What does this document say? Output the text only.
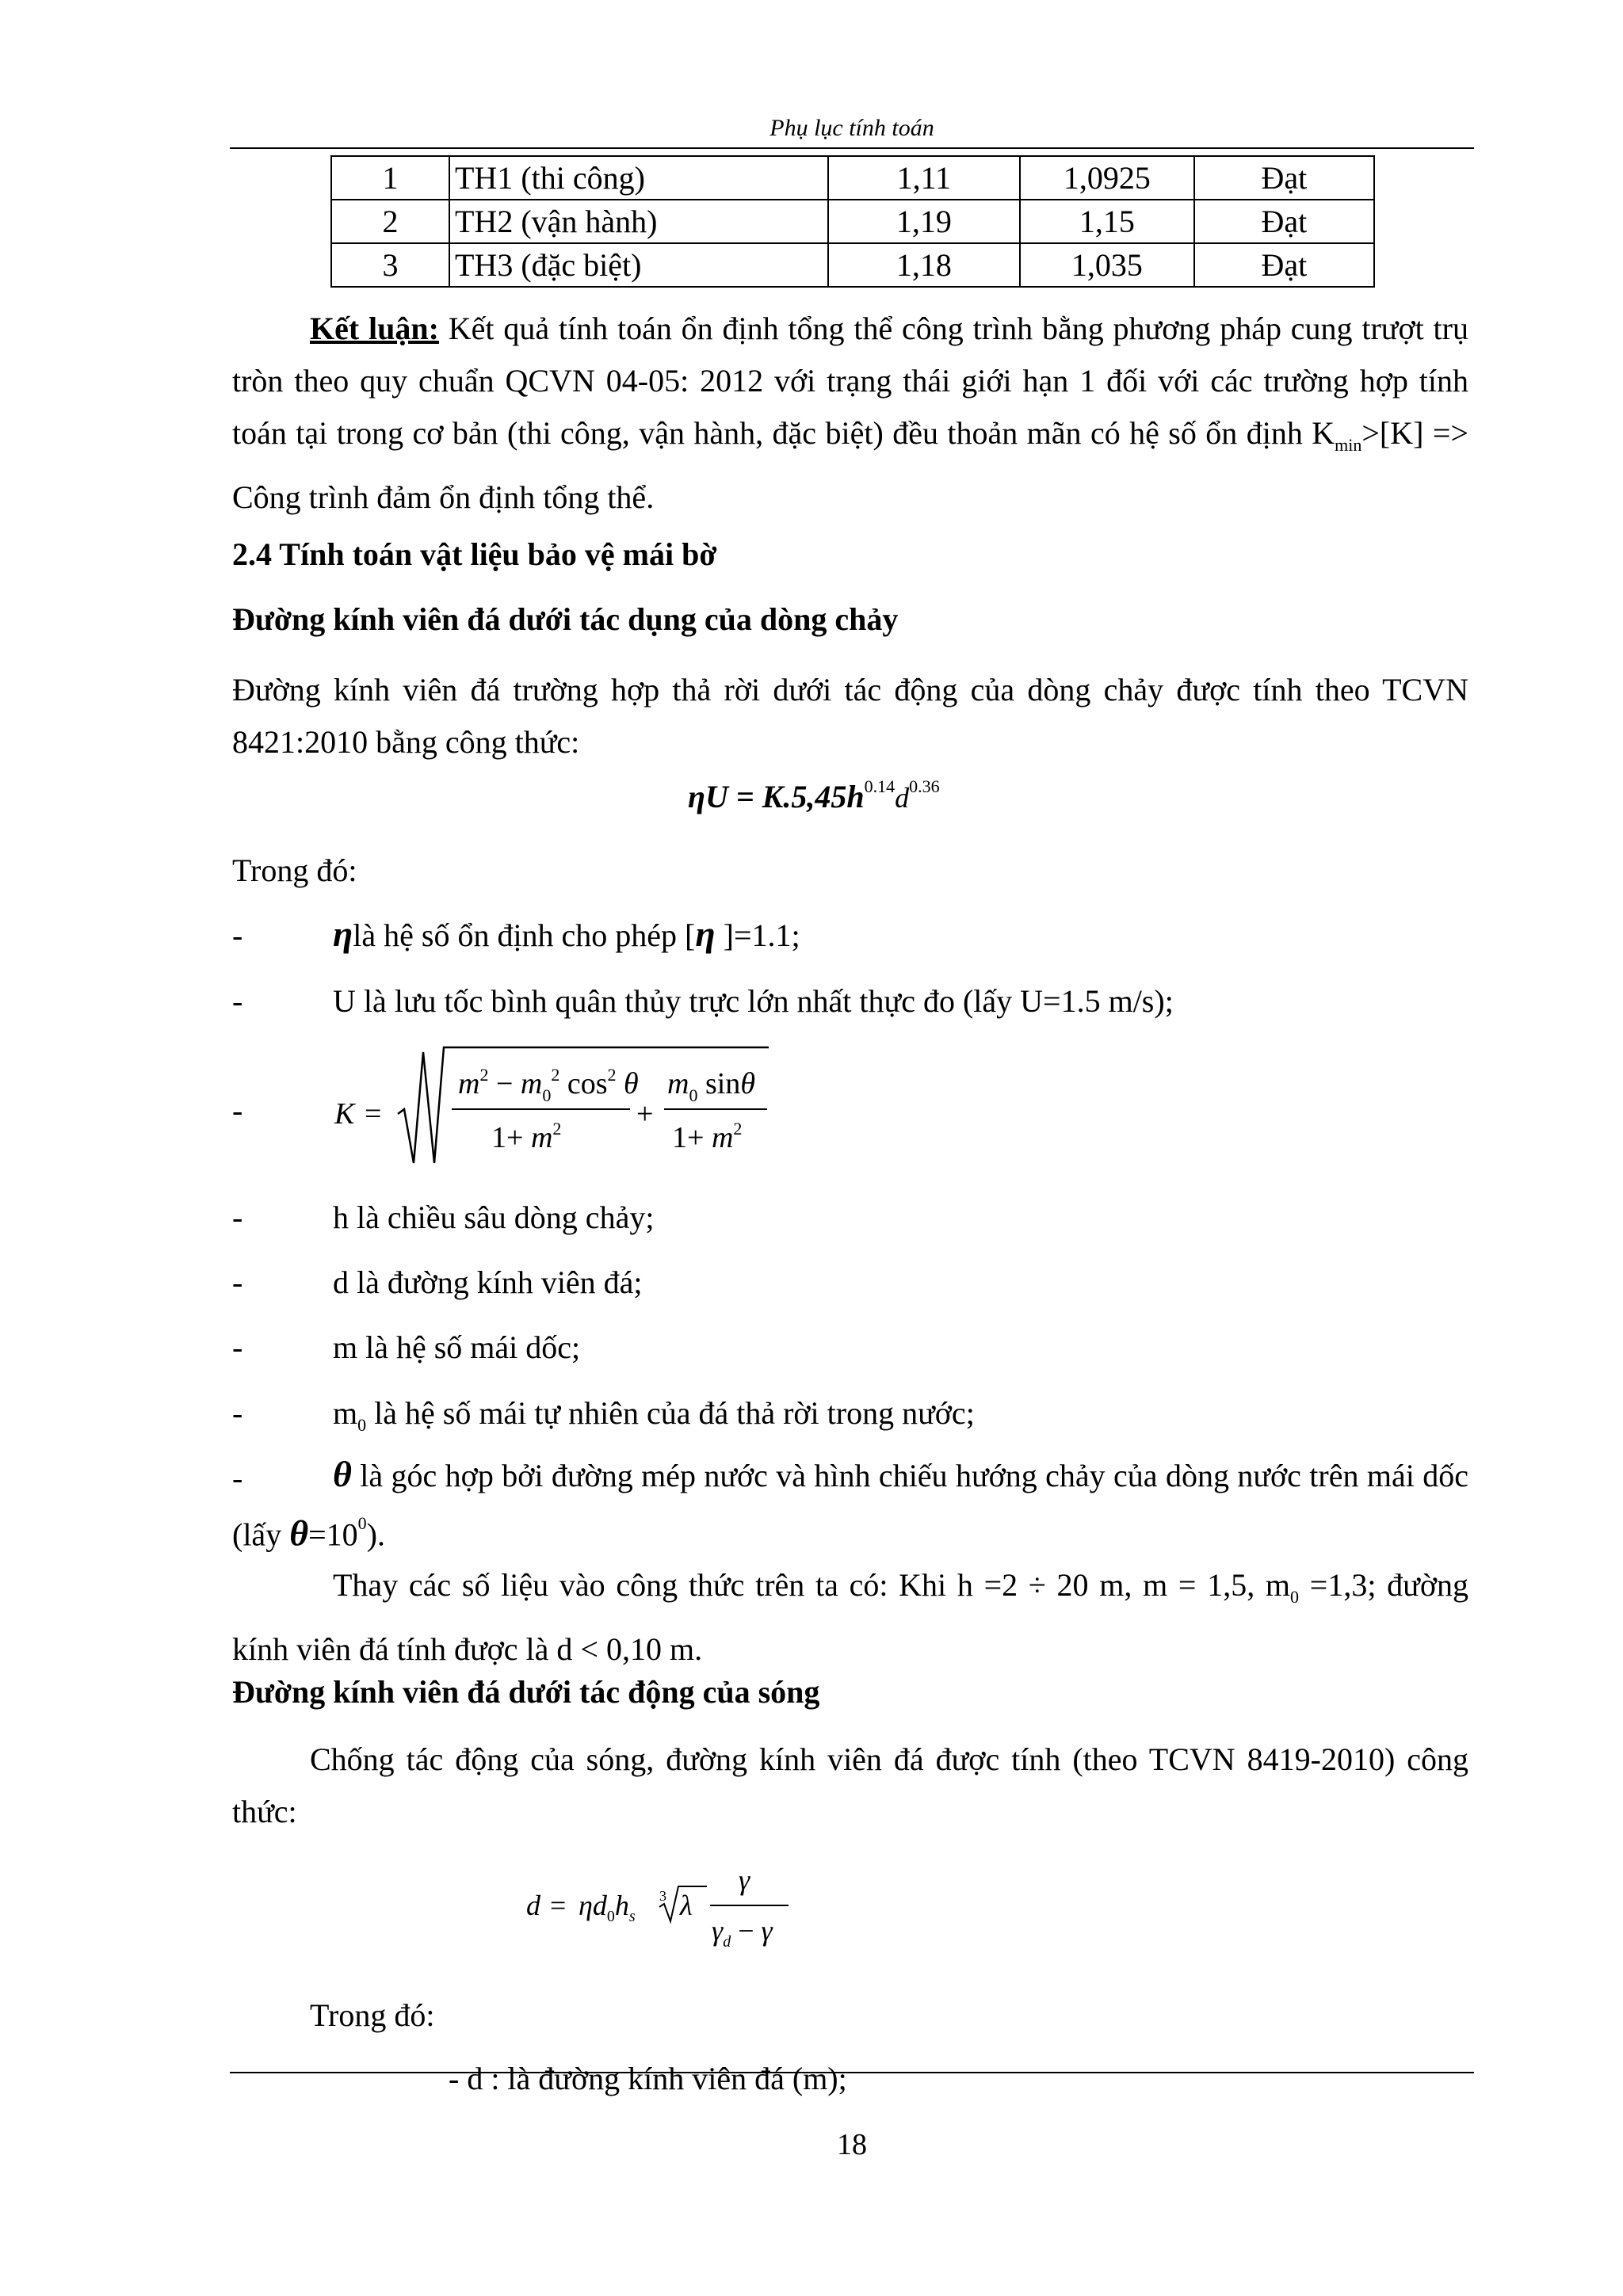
Phụ lục tính toán
1	TH1 (thi công)	1,11	1,0925	Đạt
2	TH2 (vận hành)	1,19	1,15	Đạt
3	TH3 (đặc biệt)	1,18	1,035	Đạt
Kết luận: Kết quả tính toán ổn định tổng thể công trình bằng phương pháp cung trượt trụ tròn theo quy chuẩn QCVN 04-05: 2012 với trạng thái giới hạn 1 đối với các trường hợp tính toán tại trong cơ bản (thi công, vận hành, đặc biệt) đều thoản mãn có hệ số ổn định $K_{min}>[K]$ => Công trình đảm ổn định tổng thể.
2.4 Tính toán vật liệu bảo vệ mái bờ
Đường kính viên đá dưới tác dụng của dòng chảy
Đường kính viên đá trường hợp thả rời dưới tác động của dòng chảy được tính theo TCVN 8421:2010 bằng công thức:
$\eta U = K.5,45h^{0.14}d^{0.36}$
Trong đó:
- ηlà hệ số ổn định cho phép [η ]=1.1;
-	U là lưu tốc bình quân thủy trực lớn nhất thực đo (lấy U=1.5 m/s);
-	K =
$m^2 - m_0^2$ $\cos^2 \theta$
$1+ m^2$ +
$m_0$ sinθ
$1+ m^2$
-	h là chiều sâu dòng chảy;
-	d là đường kính viên đá;
-	m là hệ số mái dốc;
-	$m_0$ là hệ số mái tự nhiên của đá thả rời trong nước;
-	θ là góc hợp bởi đường mép nước và hình chiếu hướng chảy của dòng nước trên mái dốc (lấy $\theta=10^0$).
Thay các số liệu vào công thức trên ta có: Khi h =2 ÷ 20 m, m = 1,5, $m_0 =1,3$; đường kính viên đá tính được là d < 0,10 m.
Đường kính viên đá dưới tác động của sóng
Chống tác động của sóng, đường kính viên đá được tính (theo TCVN 8419-2010) công thức:
$d = \eta d_0h_s$
3 λ
γ
$\gamma_d - \gamma$
Trong đó:
- d : là đường kính viên đá (m);
18
